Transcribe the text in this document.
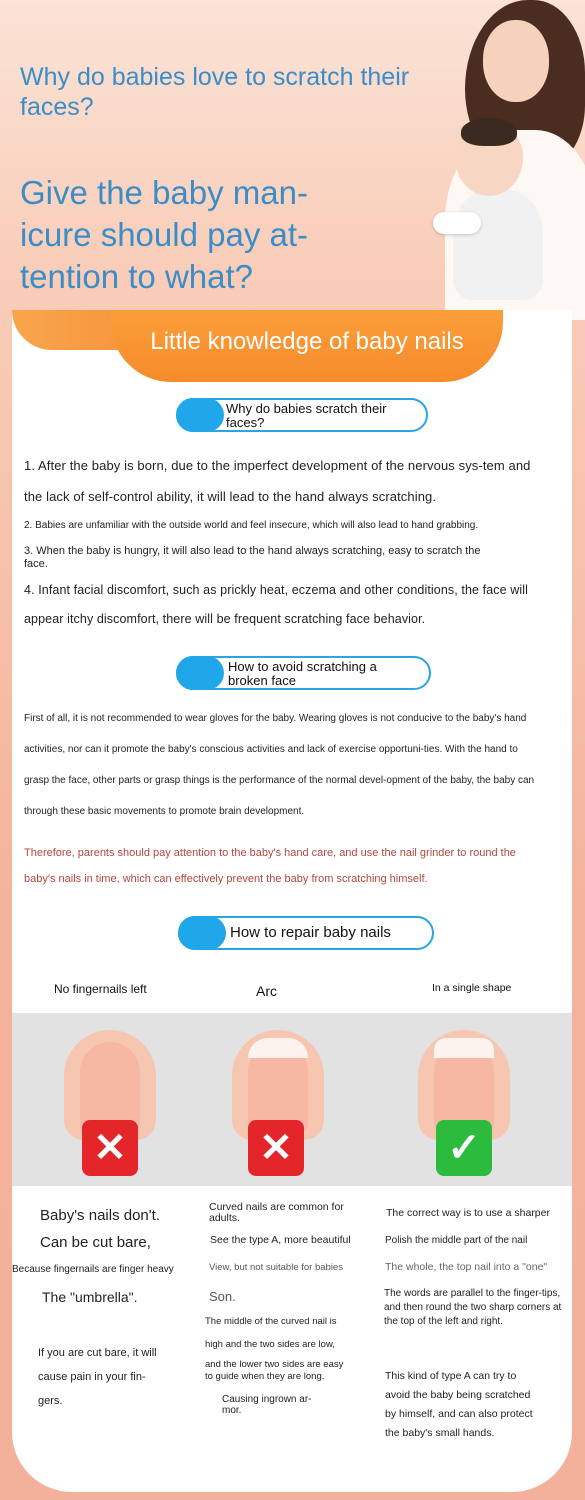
Why do babies love to scratch their faces?
Give the baby man-icure should pay at-tention to what?
Little knowledge of baby nails
Why do babies scratch their faces?
1. After the baby is born, due to the imperfect development of the nervous sys-tem and the lack of self-control ability, it will lead to the hand always scratching.
2. Babies are unfamiliar with the outside world and feel insecure, which will also lead to hand grabbing.
3. When the baby is hungry, it will also lead to the hand always scratching, easy to scratch the face.
4. Infant facial discomfort, such as prickly heat, eczema and other conditions, the face will appear itchy discomfort, there will be frequent scratching face behavior.
How to avoid scratching a broken face
First of all, it is not recommended to wear gloves for the baby. Wearing gloves is not conducive to the baby's hand activities, nor can it promote the baby's conscious activities and lack of exercise opportuni-ties. With the hand to grasp the face, other parts or grasp things is the performance of the normal devel-opment of the baby, the baby can through these basic movements to promote brain development.
Therefore, parents should pay attention to the baby's hand care, and use the nail grinder to round the baby's nails in time, which can effectively prevent the baby from scratching himself.
How to repair baby nails
No fingernails left	Arc	In a single shape
✕	✕	✓
Baby's nails don't.
Can be cut bare,
Because fingernails are finger heavy
The "umbrella".
If you are cut bare, it will
cause pain in your fin-
gers.
Curved nails are common for adults.
See the type A, more beautiful
View, but not suitable for babies
Son.
The middle of the curved nail is
high and the two sides are low,
and the lower two sides are easy
to guide when they are long.
Causing ingrown ar-mor.
The correct way is to use a sharper
Polish the middle part of the nail
The whole, the top nail into a "one"
The words are parallel to the finger-tips, and then round the two sharp corners at the top of the left and right.
This kind of type A can try to
avoid the baby being scratched
by himself, and can also protect
the baby's small hands.
